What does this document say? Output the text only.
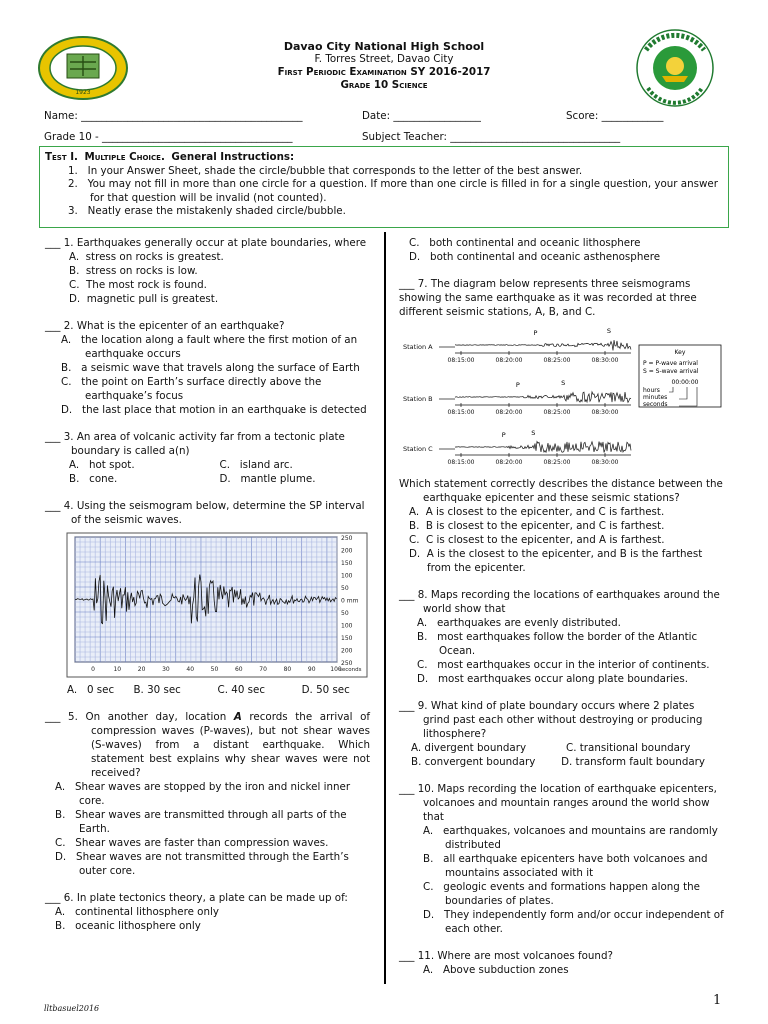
1923
Davao City National High School
F. Torres Street, Davao City
First Periodic Examination SY 2016-2017
Grade 10 Science
Name: ___________________________________________	Date: _________________	Score: ____________
Grade 10 - _____________________________________	Subject Teacher: _________________________________
Test I. Multiple Choice. General Instructions:
1.   In your Answer Sheet, shade the circle/bubble that corresponds to the letter of the best answer.
2.   You may not fill in more than one circle for a question. If more than one circle is filled in for a single question, your answer for that question will be invalid (not counted).
3.   Neatly erase the mistakenly shaded circle/bubble.
___ 1. Earthquakes generally occur at plate boundaries, where
A.  stress on rocks is greatest.
B.  stress on rocks is low.
C.  The most rock is found.
D.  magnetic pull is greatest.
___ 2. What is the epicenter of an earthquake?
A. the location along a fault where the first motion of an earthquake occurs
B. a seismic wave that travels along the surface of Earth
C. the point on Earth’s surface directly above the earthquake’s focus
D. the last place that motion in an earthquake is detected
___ 3. An area of volcanic activity far from a tectonic plate boundary is called a(n)
A. hot spot.	C. island arc.
B. cone.	D. mantle plume.
___ 4. Using the seismogram below, determine the SP interval of the seismic waves.
250
200
150
100
50
0 mm
50
100
150
200
250
0	10	20	30	40	50	60	70	80	90 100
seconds
A.   0 sec	B. 30 sec	C. 40 sec	D. 50 sec
___ 5. On another day, location A records the arrival of compression waves (P-waves), but not shear waves (S-waves) from a distant earthquake. Which statement best explains why shear waves were not received?
A. Shear waves are stopped by the iron and nickel inner core.
B. Shear waves are transmitted through all parts of the Earth.
C. Shear waves are faster than compression waves.
D. Shear waves are not transmitted through the Earth’s outer core.
___ 6. In plate tectonics theory, a plate can be made up of:
A. continental lithosphere only
B. oceanic lithosphere only
C. both continental and oceanic lithosphere
D. both continental and oceanic asthenosphere
___ 7. The diagram below represents three seismograms showing the same earthquake as it was recorded at three different seismic stations, A, B, and C.
Station A
08:15:00	08:20:00	08:25:00	08:30:00
P	S
Station B
08:15:00	08:20:00	08:25:00	08:30:00
P	S
Station C
08:15:00	08:20:00	08:25:00	08:30:00
P	S
Key
P = P-wave arrival
S = S-wave arrival
00:00:00
hours
minutes
seconds
Which statement correctly describes the distance between the earthquake epicenter and these seismic stations?
A. A is closest to the epicenter, and C is farthest.
B. B is closest to the epicenter, and C is farthest.
C. C is closest to the epicenter, and A is farthest.
D. A is the closest to the epicenter, and B is the farthest from the epicenter.
___ 8. Maps recording the locations of earthquakes around the world show that
A. earthquakes are evenly distributed.
B. most earthquakes follow the border of the Atlantic Ocean.
C. most earthquakes occur in the interior of continents.
D. most earthquakes occur along plate boundaries.
___ 9. What kind of plate boundary occurs where 2 plates grind past each other without destroying or producing lithosphere?
A. divergent boundary	C. transitional boundary
B. convergent boundary	D. transform fault boundary
___ 10. Maps recording the location of earthquake epicenters, volcanoes and mountain ranges around the world show that
A. earthquakes, volcanoes and mountains are randomly distributed
B. all earthquake epicenters have both volcanoes and mountains associated with it
C. geologic events and formations happen along the boundaries of plates.
D. They independently form and/or occur independent of each other.
___ 11. Where are most volcanoes found?
A. Above subduction zones
lltbasuel2016
1
